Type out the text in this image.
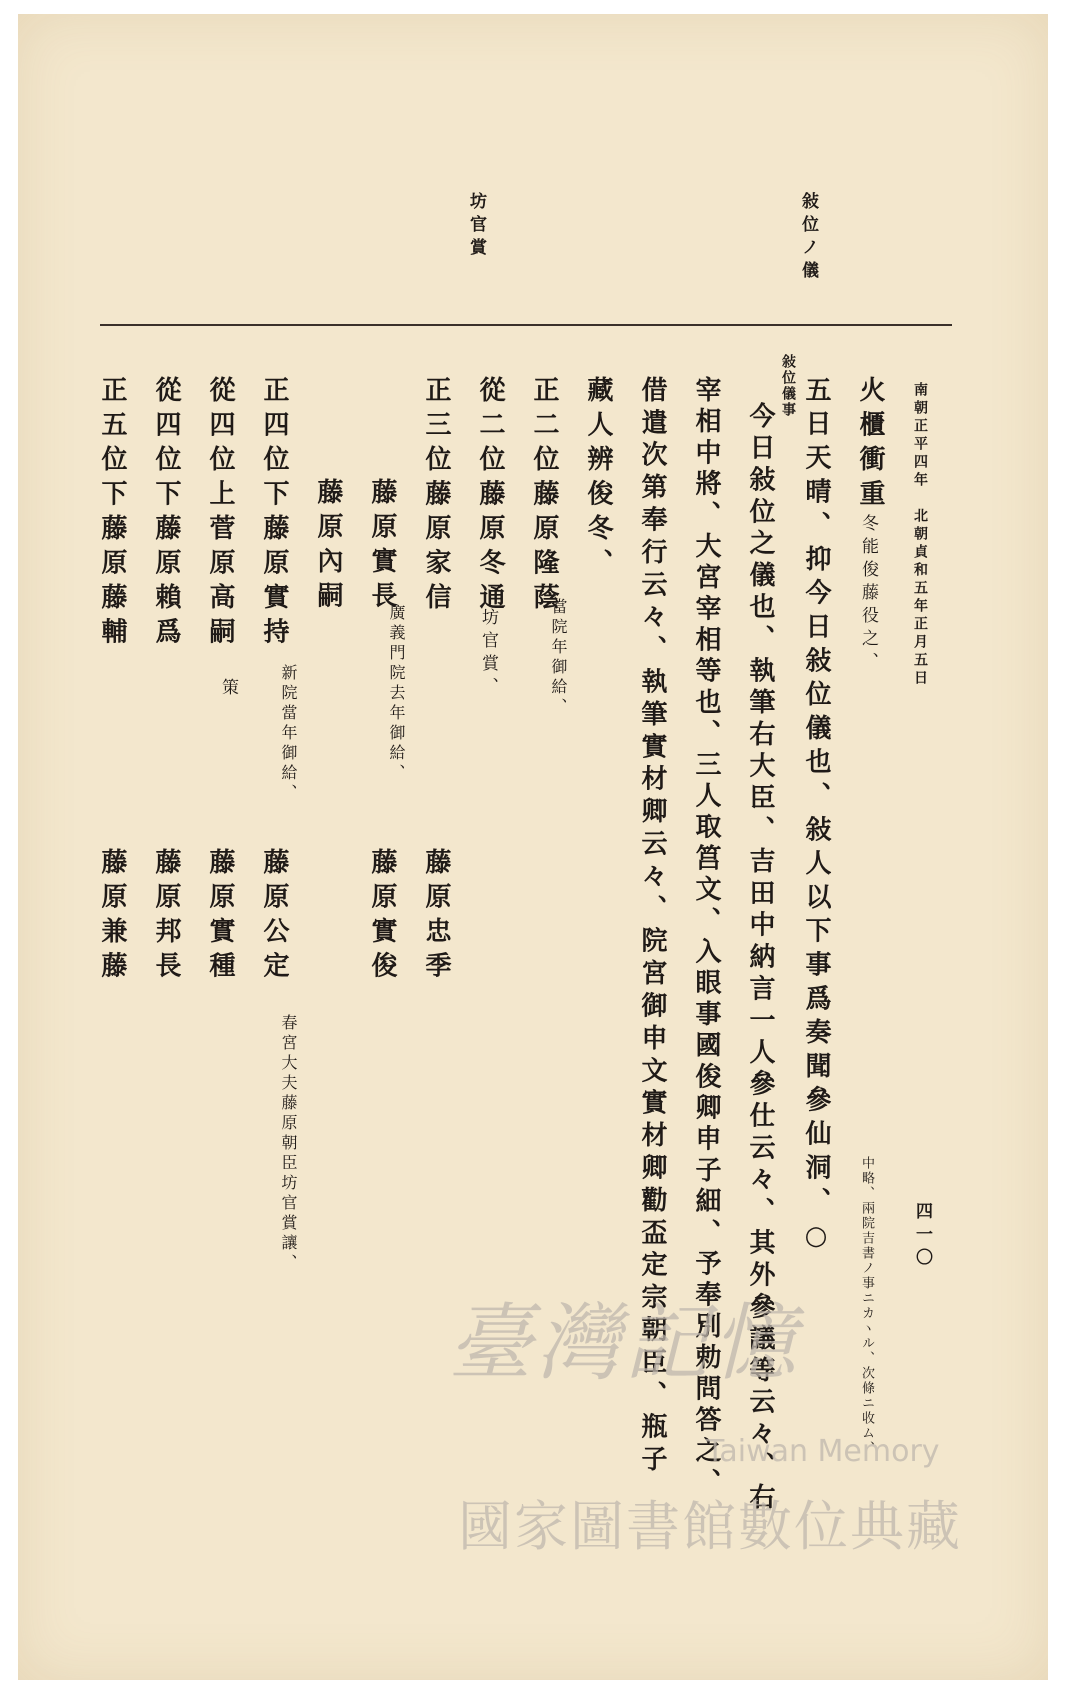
敍位ノ儀
坊官賞
南朝正平四年　北朝貞和五年正月五日
四一〇
火櫃衝重
冬能俊藤役之、
五日天晴、抑今日敍位儀也、敍人以下事爲奏聞參仙洞、○
中略、兩院吉書ノ事ニカヽル、次條ニ收ム、
敍位儀事
今日敍位之儀也、執筆右大臣、吉田中納言一人參仕云々、其外參議等云々、右
宰相中將、大宮宰相等也、三人取筥文、入眼事國俊卿申子細、予奉別勅問答之、
借遣次第奉行云々、執筆實材卿云々、院宮御申文實材卿勸盃定宗朝臣、瓶子
藏人辨俊冬、
正二位藤原隆蔭
當院年御給、
從二位藤原冬通
坊官賞、
正三位藤原家信
藤原忠季
藤原實長
廣義門院去年御給、
藤原實俊
藤原內嗣
正四位下藤原實持
新院當年御給、
藤原公定
春宮大夫藤原朝臣坊官賞讓、
從四位上菅原高嗣
策
藤原實種
從四位下藤原賴爲
藤原邦長
正五位下藤原藤輔
藤原兼藤
臺灣記憶
Taiwan Memory
國家圖書館數位典藏
